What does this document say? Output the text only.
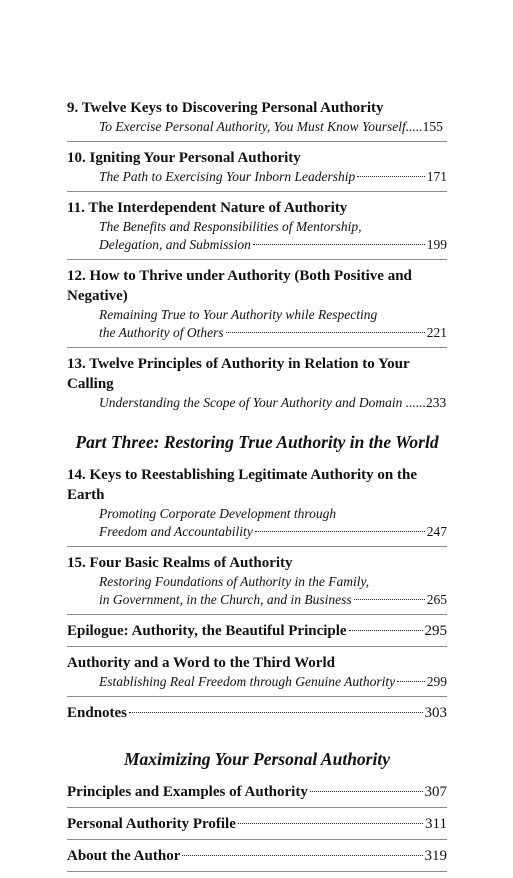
9. Twelve Keys to Discovering Personal Authority
To Exercise Personal Authority, You Must Know Yourself..... 155
10. Igniting Your Personal Authority
The Path to Exercising Your Inborn Leadership	171
11. The Interdependent Nature of Authority
The Benefits and Responsibilities of Mentorship,
Delegation, and Submission	199
12. How to Thrive under Authority (Both Positive and Negative)
Remaining True to Your Authority while Respecting
the Authority of Others	221
13. Twelve Principles of Authority in Relation to Your Calling
Understanding the Scope of Your Authority and Domain ...... 233
Part Three: Restoring True Authority in the World
14. Keys to Reestablishing Legitimate Authority on the Earth
Promoting Corporate Development through
Freedom and Accountability	247
15. Four Basic Realms of Authority
Restoring Foundations of Authority in the Family,
in Government, in the Church, and in Business	265
Epilogue: Authority, the Beautiful Principle	295
Authority and a Word to the Third World
Establishing Real Freedom through Genuine Authority 299
Endnotes	303
Maximizing Your Personal Authority
Principles and Examples of Authority	307
Personal Authority Profile	311
About the Author	319
